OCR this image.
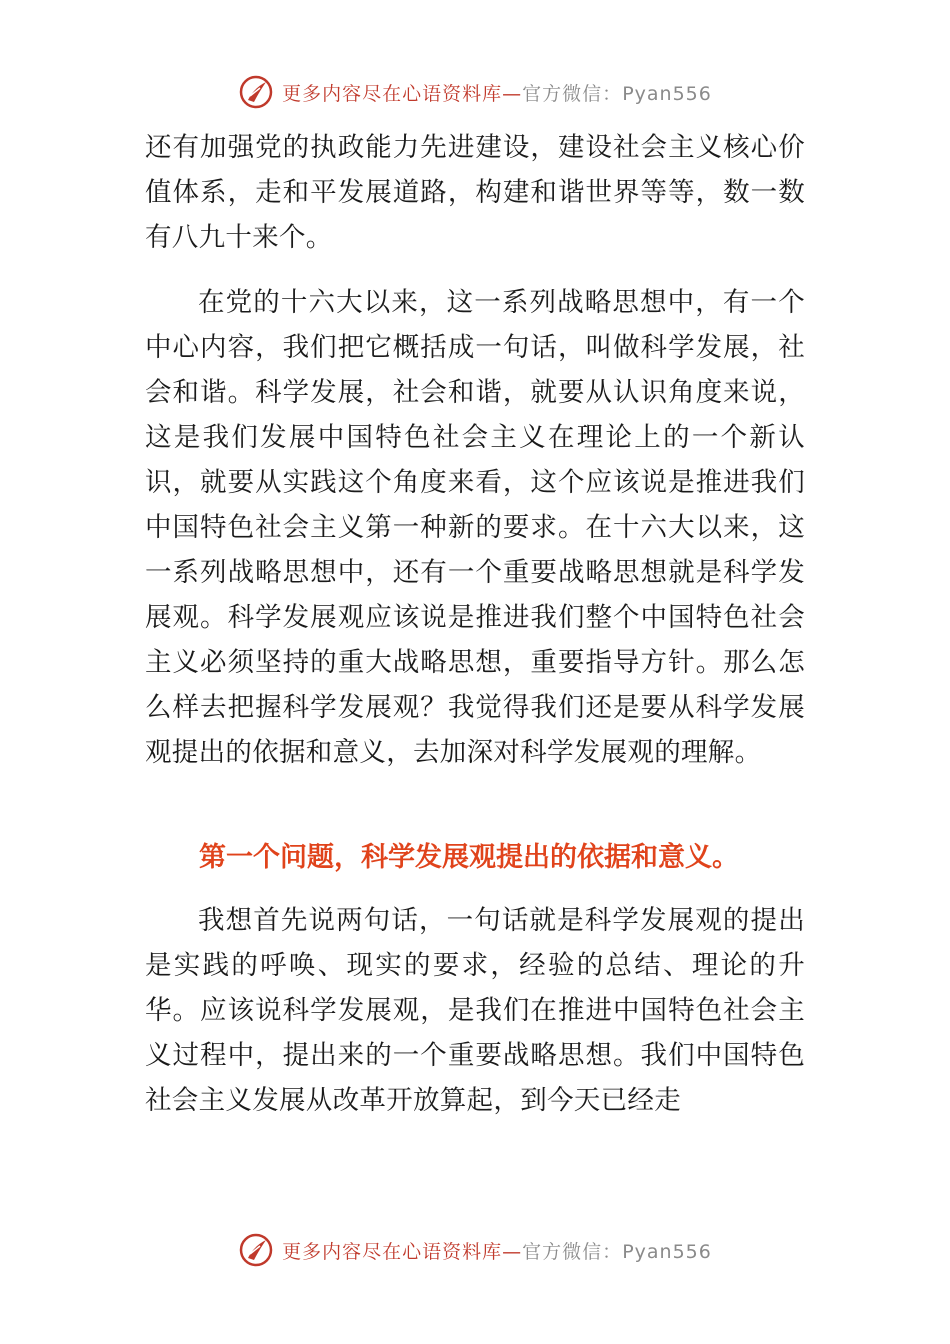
更多内容尽在心语资料库—官方微信：Pyan556

还有加强党的执政能力先进建设，建设社会主义核心价值体系，走和平发展道路，构建和谐世界等等，数一数有八九十来个。

在党的十六大以来，这一系列战略思想中，有一个中心内容，我们把它概括成一句话，叫做科学发展，社会和谐。科学发展，社会和谐，就要从认识角度来说，这是我们发展中国特色社会主义在理论上的一个新认识，就要从实践这个角度来看，这个应该说是推进我们中国特色社会主义第一种新的要求。在十六大以来，这一系列战略思想中，还有一个重要战略思想就是科学发展观。科学发展观应该说是推进我们整个中国特色社会主义必须坚持的重大战略思想，重要指导方针。那么怎么样去把握科学发展观？我觉得我们还是要从科学发展观提出的依据和意义，去加深对科学发展观的理解。

第一个问题，科学发展观提出的依据和意义。

我想首先说两句话，一句话就是科学发展观的提出是实践的呼唤、现实的要求，经验的总结、理论的升华。应该说科学发展观，是我们在推进中国特色社会主义过程中，提出来的一个重要战略思想。我们中国特色社会主义发展从改革开放算起，到今天已经走

更多内容尽在心语资料库—官方微信：Pyan556
